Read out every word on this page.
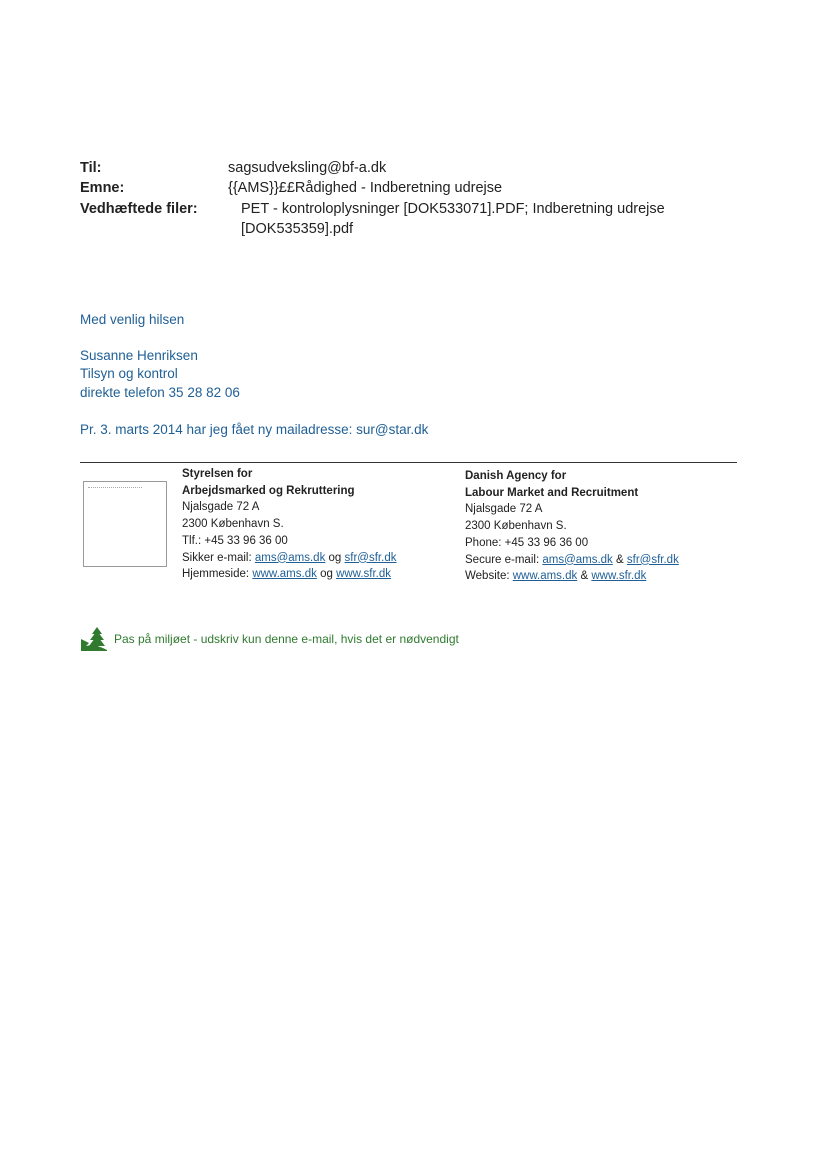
Til:	sagsudveksling@bf-a.dk
Emne:	{{AMS}}££Rådighed - Indberetning udrejse
Vedhæftede filer:	PET - kontroloplysninger [DOK533071].PDF; Indberetning udrejse
[DOK535359].pdf
Med venlig hilsen
Susanne Henriksen
Tilsyn og kontrol
direkte telefon 35 28 82 06
Pr. 3. marts 2014 har jeg fået ny mailadresse: sur@star.dk
Styrelsen for
Arbejdsmarked og Rekruttering
Njalsgade 72 A
2300 København S.
Tlf.: +45 33 96 36 00
Sikker e-mail: ams@ams.dk og sfr@sfr.dk
Hjemmeside: www.ams.dk og www.sfr.dk
Danish Agency for
Labour Market and Recruitment
Njalsgade 72 A
2300 København S.
Phone: +45 33 96 36 00
Secure e-mail: ams@ams.dk & sfr@sfr.dk
Website: www.ams.dk & www.sfr.dk
Pas på miljøet - udskriv kun denne e-mail, hvis det er nødvendigt
